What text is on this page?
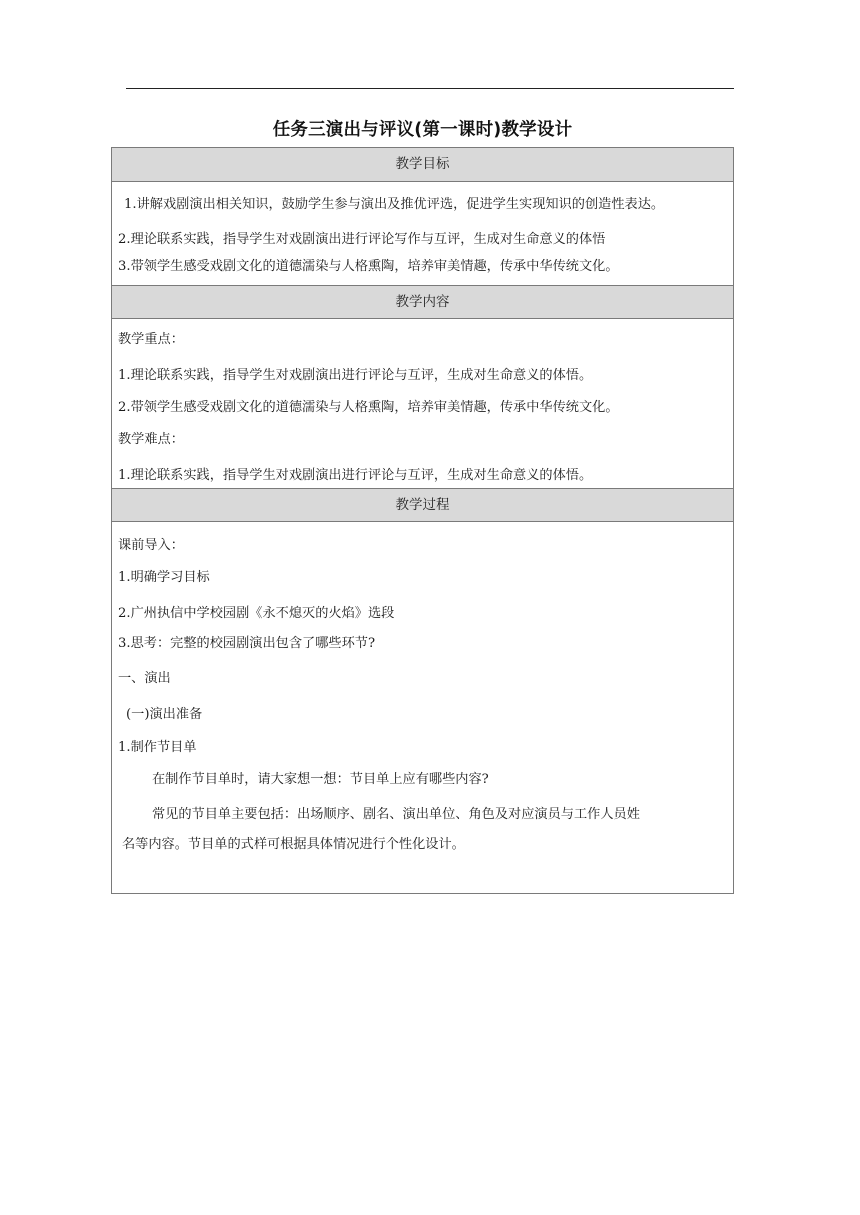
任务三演出与评议(第一课时)教学设计
教学目标
1.讲解戏剧演出相关知识，鼓励学生参与演出及推优评选，促进学生实现知识的创造性表达。
2.理论联系实践，指导学生对戏剧演出进行评论写作与互评，生成对生命意义的体悟
3.带领学生感受戏剧文化的道德濡染与人格熏陶，培养审美情趣，传承中华传统文化。
教学内容
教学重点：
1.理论联系实践，指导学生对戏剧演出进行评论与互评，生成对生命意义的体悟。
2.带领学生感受戏剧文化的道德濡染与人格熏陶，培养审美情趣，传承中华传统文化。
教学难点：
1.理论联系实践，指导学生对戏剧演出进行评论与互评，生成对生命意义的体悟。
教学过程
课前导入：
1.明确学习目标
2.广州执信中学校园剧《永不熄灭的火焰》选段
3.思考：完整的校园剧演出包含了哪些环节?
一、演出
(一)演出准备
1.制作节目单
在制作节目单时，请大家想一想：节目单上应有哪些内容?
常见的节目单主要包括：出场顺序、剧名、演出单位、角色及对应演员与工作人员姓
名等内容。节目单的式样可根据具体情况进行个性化设计。
